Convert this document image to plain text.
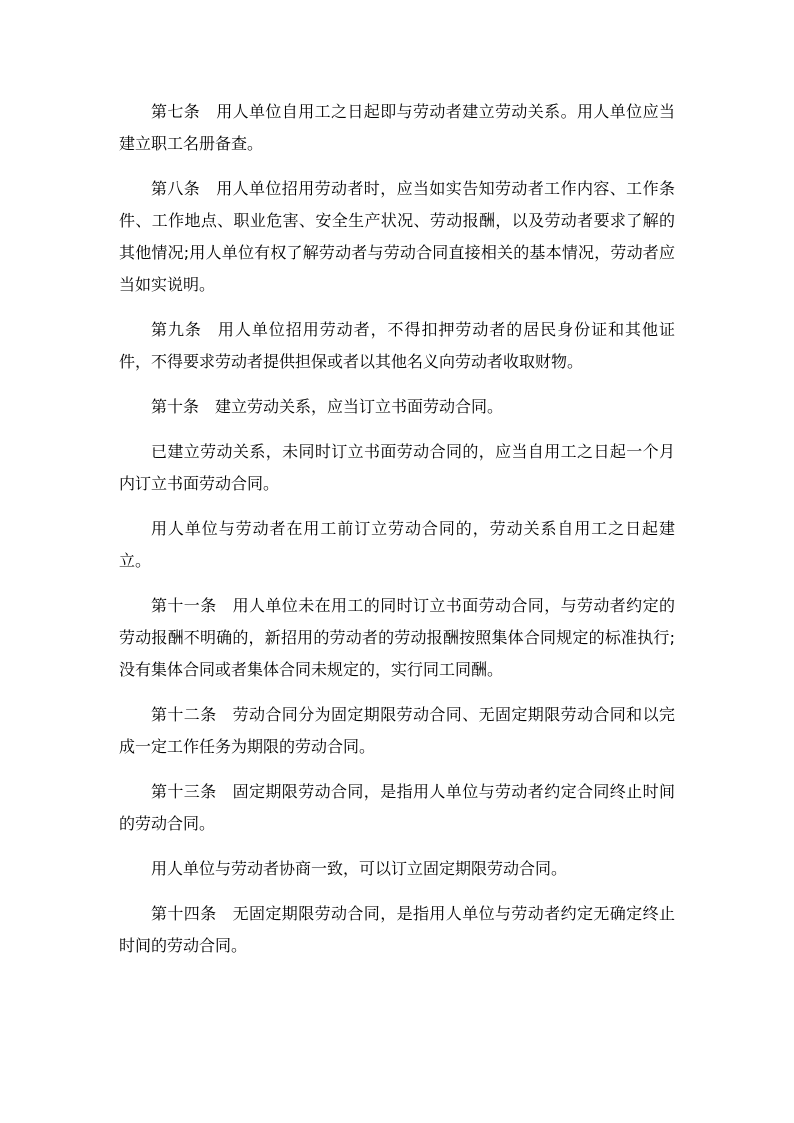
第七条 用人单位自用工之日起即与劳动者建立劳动关系。用人单位应当建立职工名册备查。

第八条 用人单位招用劳动者时，应当如实告知劳动者工作内容、工作条件、工作地点、职业危害、安全生产状况、劳动报酬，以及劳动者要求了解的其他情况;用人单位有权了解劳动者与劳动合同直接相关的基本情况，劳动者应当如实说明。

第九条 用人单位招用劳动者，不得扣押劳动者的居民身份证和其他证件，不得要求劳动者提供担保或者以其他名义向劳动者收取财物。

第十条 建立劳动关系，应当订立书面劳动合同。

已建立劳动关系，未同时订立书面劳动合同的，应当自用工之日起一个月内订立书面劳动合同。

用人单位与劳动者在用工前订立劳动合同的，劳动关系自用工之日起建立。

第十一条 用人单位未在用工的同时订立书面劳动合同，与劳动者约定的劳动报酬不明确的，新招用的劳动者的劳动报酬按照集体合同规定的标准执行;没有集体合同或者集体合同未规定的，实行同工同酬。

第十二条 劳动合同分为固定期限劳动合同、无固定期限劳动合同和以完成一定工作任务为期限的劳动合同。

第十三条 固定期限劳动合同，是指用人单位与劳动者约定合同终止时间的劳动合同。

用人单位与劳动者协商一致，可以订立固定期限劳动合同。

第十四条 无固定期限劳动合同，是指用人单位与劳动者约定无确定终止时间的劳动合同。
